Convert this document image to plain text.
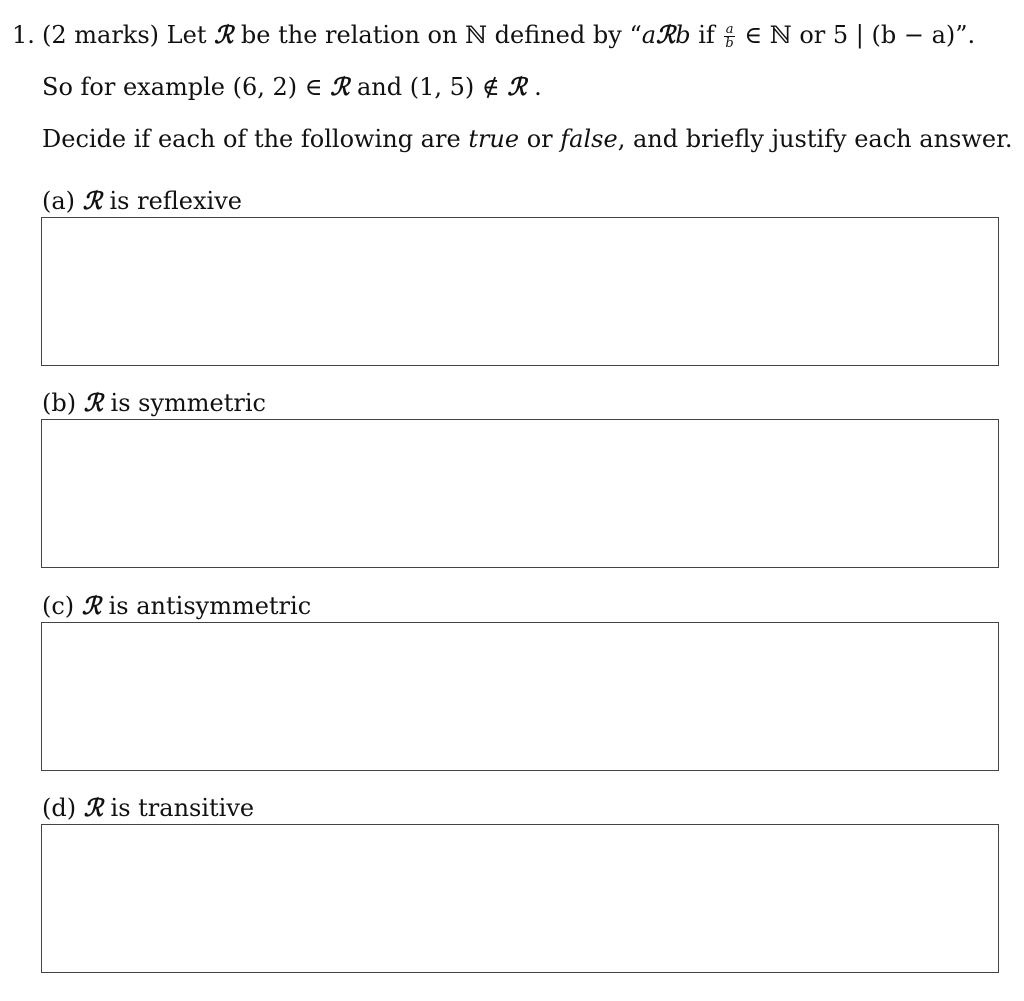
1. (2 marks) Let ℛ be the relation on ℕ defined by “aℛb if $\frac{a}{b}$ ∈ ℕ or 5 | (b − a)”.
So for example (6, 2) ∈ ℛ and (1, 5) ∉ ℛ .
Decide if each of the following are true or false, and briefly justify each answer.
(a) ℛ is reflexive
(b) ℛ is symmetric
(c) ℛ is antisymmetric
(d) ℛ is transitive
